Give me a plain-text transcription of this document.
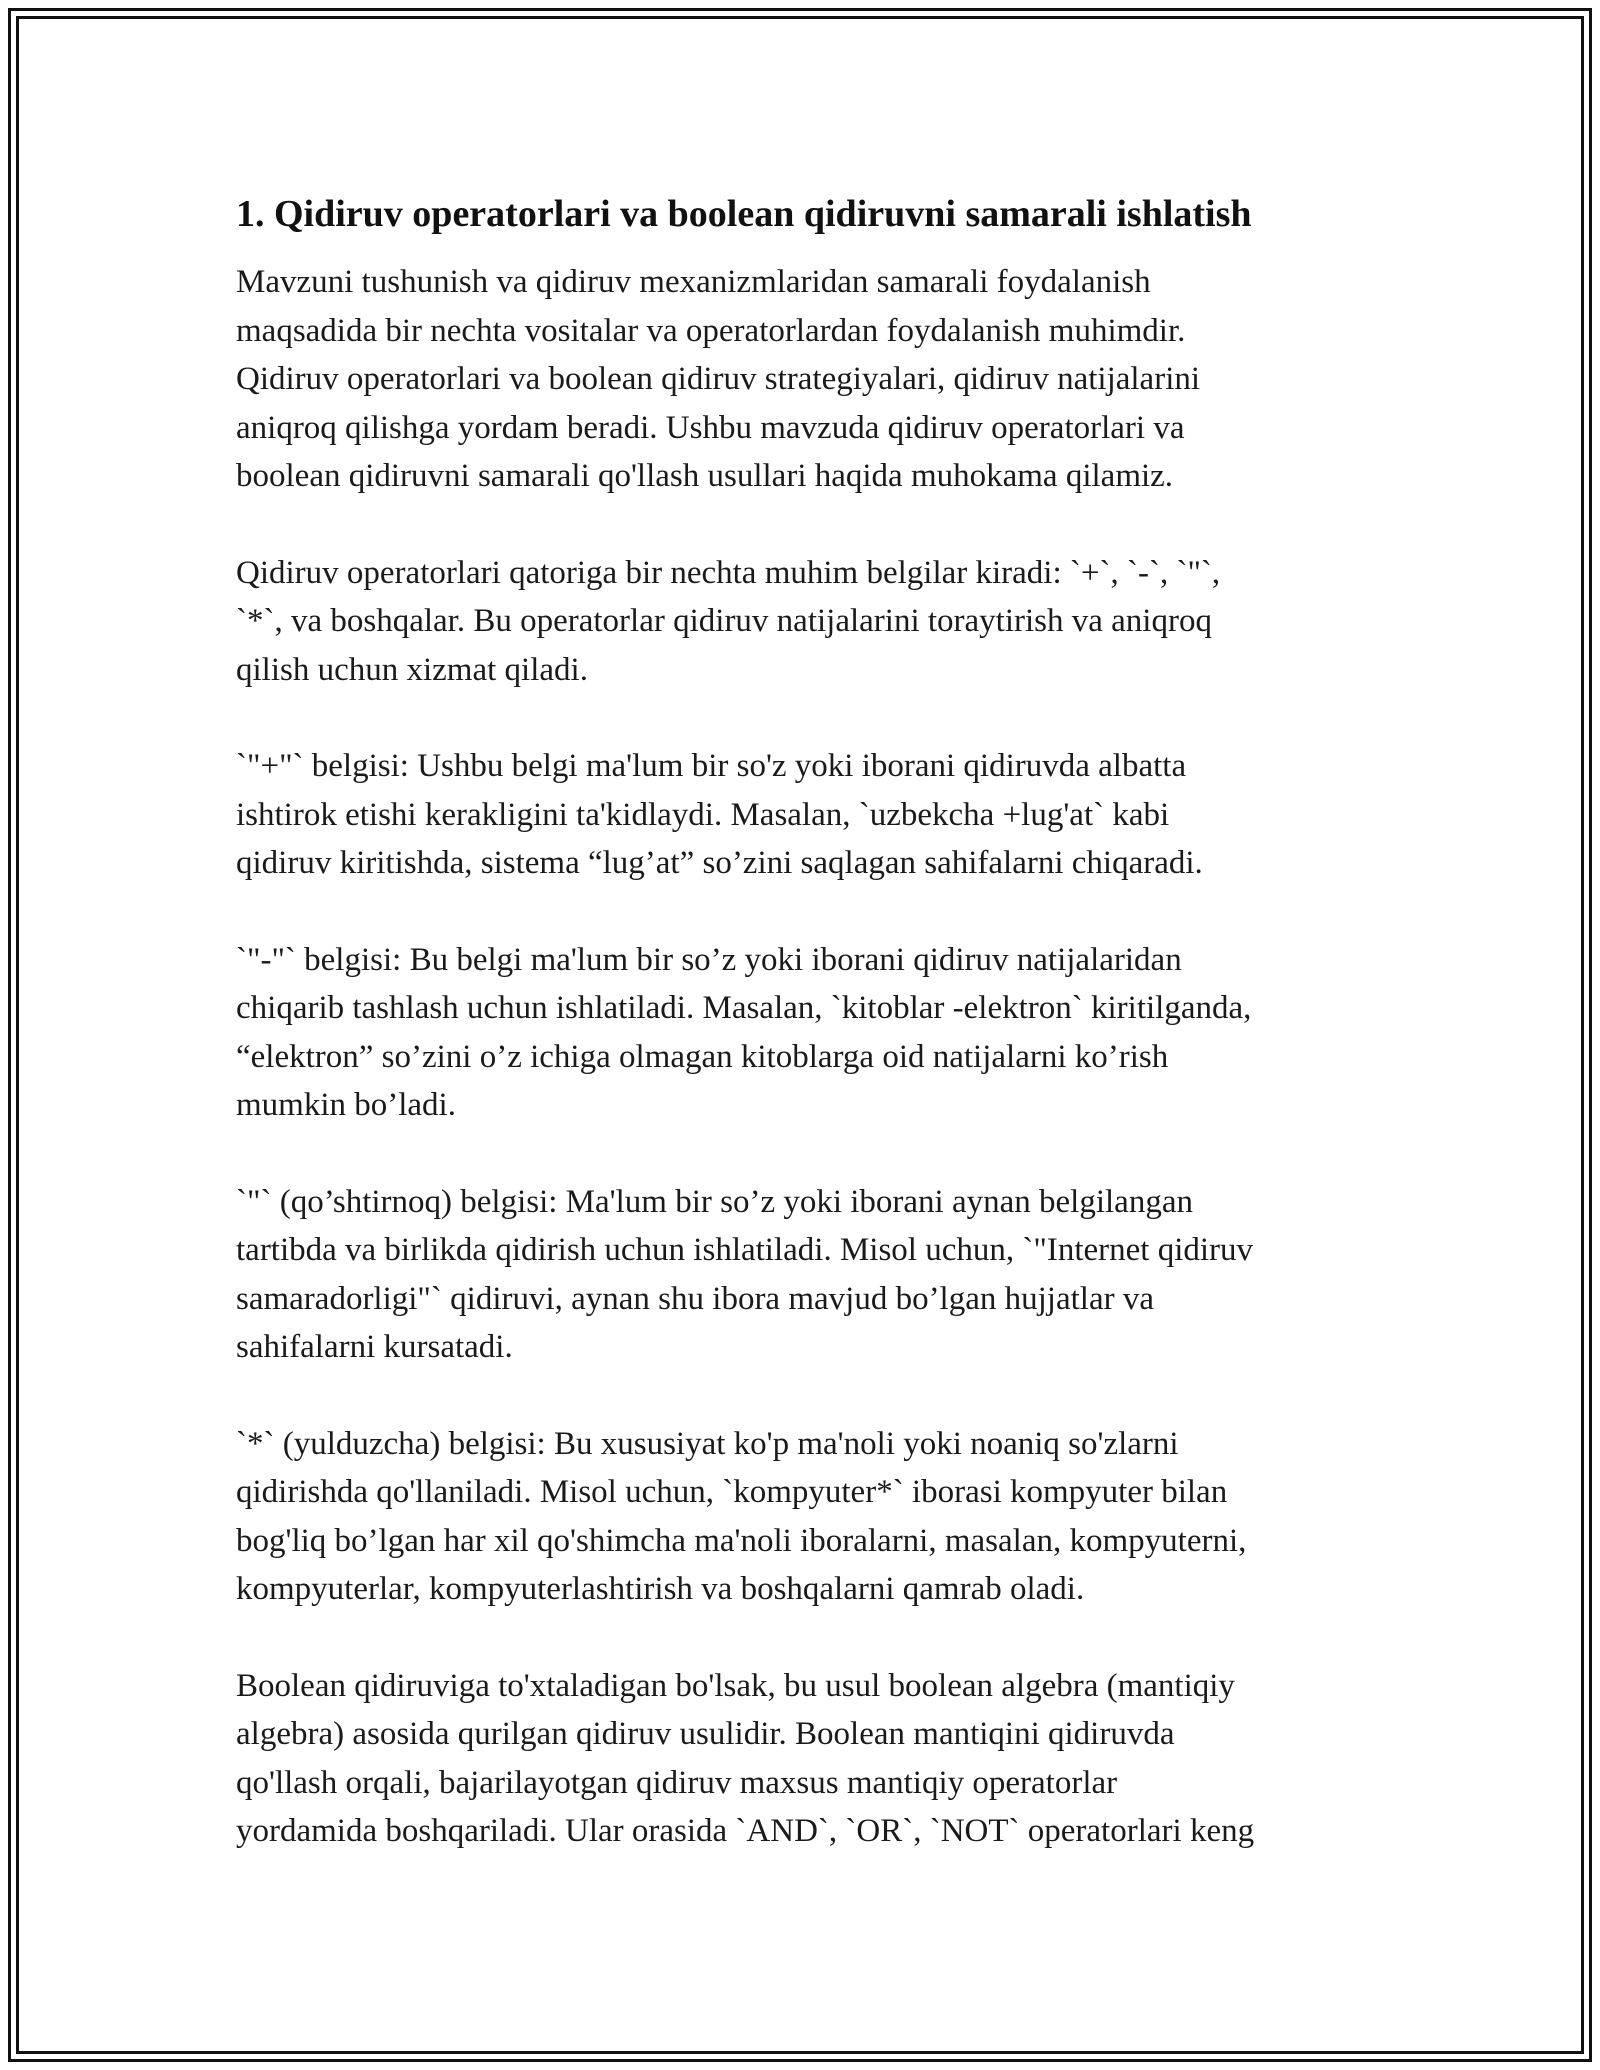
1. Qidiruv operatorlari va boolean qidiruvni samarali ishlatish

Mavzuni tushunish va qidiruv mexanizmlaridan samarali foydalanish
maqsadida bir nechta vositalar va operatorlardan foydalanish muhimdir.
Qidiruv operatorlari va boolean qidiruv strategiyalari, qidiruv natijalarini
aniqroq qilishga yordam beradi. Ushbu mavzuda qidiruv operatorlari va
boolean qidiruvni samarali qo'llash usullari haqida muhokama qilamiz.

Qidiruv operatorlari qatoriga bir nechta muhim belgilar kiradi: `+`, `-`, `"`,
`*`, va boshqalar. Bu operatorlar qidiruv natijalarini toraytirish va aniqroq
qilish uchun xizmat qiladi.

`"+"` belgisi: Ushbu belgi ma'lum bir so'z yoki iborani qidiruvda albatta
ishtirok etishi kerakligini ta'kidlaydi. Masalan, `uzbekcha +lug'at` kabi
qidiruv kiritishda, sistema “lug’at” so’zini saqlagan sahifalarni chiqaradi.

`"-"` belgisi: Bu belgi ma'lum bir so’z yoki iborani qidiruv natijalaridan
chiqarib tashlash uchun ishlatiladi. Masalan, `kitoblar -elektron` kiritilganda,
“elektron” so’zini o’z ichiga olmagan kitoblarga oid natijalarni ko’rish
mumkin bo’ladi.

`"` (qo’shtirnoq) belgisi: Ma'lum bir so’z yoki iborani aynan belgilangan
tartibda va birlikda qidirish uchun ishlatiladi. Misol uchun, `"Internet qidiruv
samaradorligi"` qidiruvi, aynan shu ibora mavjud bo’lgan hujjatlar va
sahifalarni kursatadi.

`*` (yulduzcha) belgisi: Bu xususiyat ko'p ma'noli yoki noaniq so'zlarni
qidirishda qo'llaniladi. Misol uchun, `kompyuter*` iborasi kompyuter bilan
bog'liq bo’lgan har xil qo'shimcha ma'noli iboralarni, masalan, kompyuterni,
kompyuterlar, kompyuterlashtirish va boshqalarni qamrab oladi.

Boolean qidiruviga to'xtaladigan bo'lsak, bu usul boolean algebra (mantiqiy
algebra) asosida qurilgan qidiruv usulidir. Boolean mantiqini qidiruvda
qo'llash orqali, bajarilayotgan qidiruv maxsus mantiqiy operatorlar
yordamida boshqariladi. Ular orasida `AND`, `OR`, `NOT` operatorlari keng
